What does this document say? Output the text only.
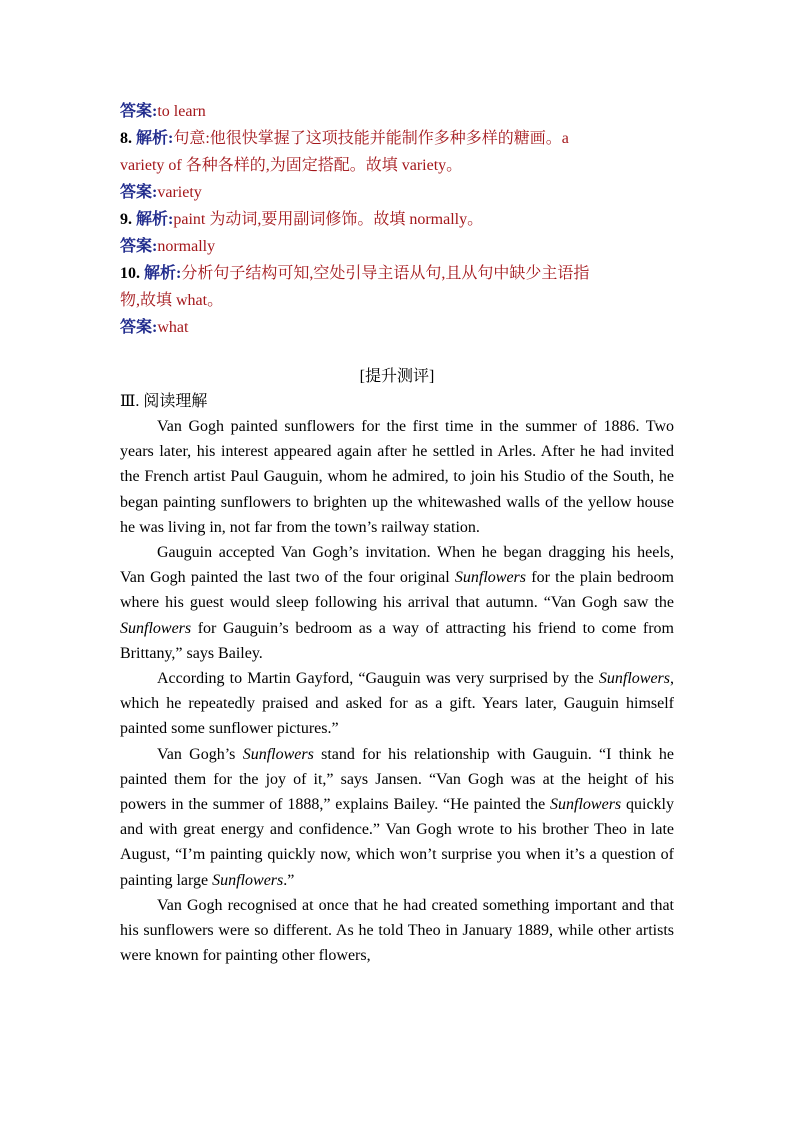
答案:to learn
8. 解析:句意:他很快掌握了这项技能并能制作多种多样的糖画。a
variety of 各种各样的,为固定搭配。故填 variety。
答案:variety
9. 解析:paint 为动词,要用副词修饰。故填 normally。
答案:normally
10. 解析:分析句子结构可知,空处引导主语从句,且从句中缺少主语指
物,故填 what。
答案:what
[提升测评]
Ⅲ. 阅读理解

Van Gogh painted sunflowers for the first time in the summer of 1886. Two years later, his interest appeared again after he settled in Arles. After he had invited the French artist Paul Gauguin, whom he admired, to join his Studio of the South, he began painting sunflowers to brighten up the whitewashed walls of the yellow house he was living in, not far from the town’s railway station.

Gauguin accepted Van Gogh’s invitation. When he began dragging his heels, Van Gogh painted the last two of the four original Sunflowers for the plain bedroom where his guest would sleep following his arrival that autumn. “Van Gogh saw the Sunflowers for Gauguin’s bedroom as a way of attracting his friend to come from Brittany,” says Bailey.

According to Martin Gayford, “Gauguin was very surprised by the Sunflowers, which he repeatedly praised and asked for as a gift. Years later, Gauguin himself painted some sunflower pictures.”

Van Gogh’s Sunflowers stand for his relationship with Gauguin. “I think he painted them for the joy of it,” says Jansen. “Van Gogh was at the height of his powers in the summer of 1888,” explains Bailey. “He painted the Sunflowers quickly and with great energy and confidence.” Van Gogh wrote to his brother Theo in late August, “I’m painting quickly now, which won’t surprise you when it’s a question of painting large Sunflowers.”

Van Gogh recognised at once that he had created something important and that his sunflowers were so different. As he told Theo in January 1889, while other artists were known for painting other flowers,
